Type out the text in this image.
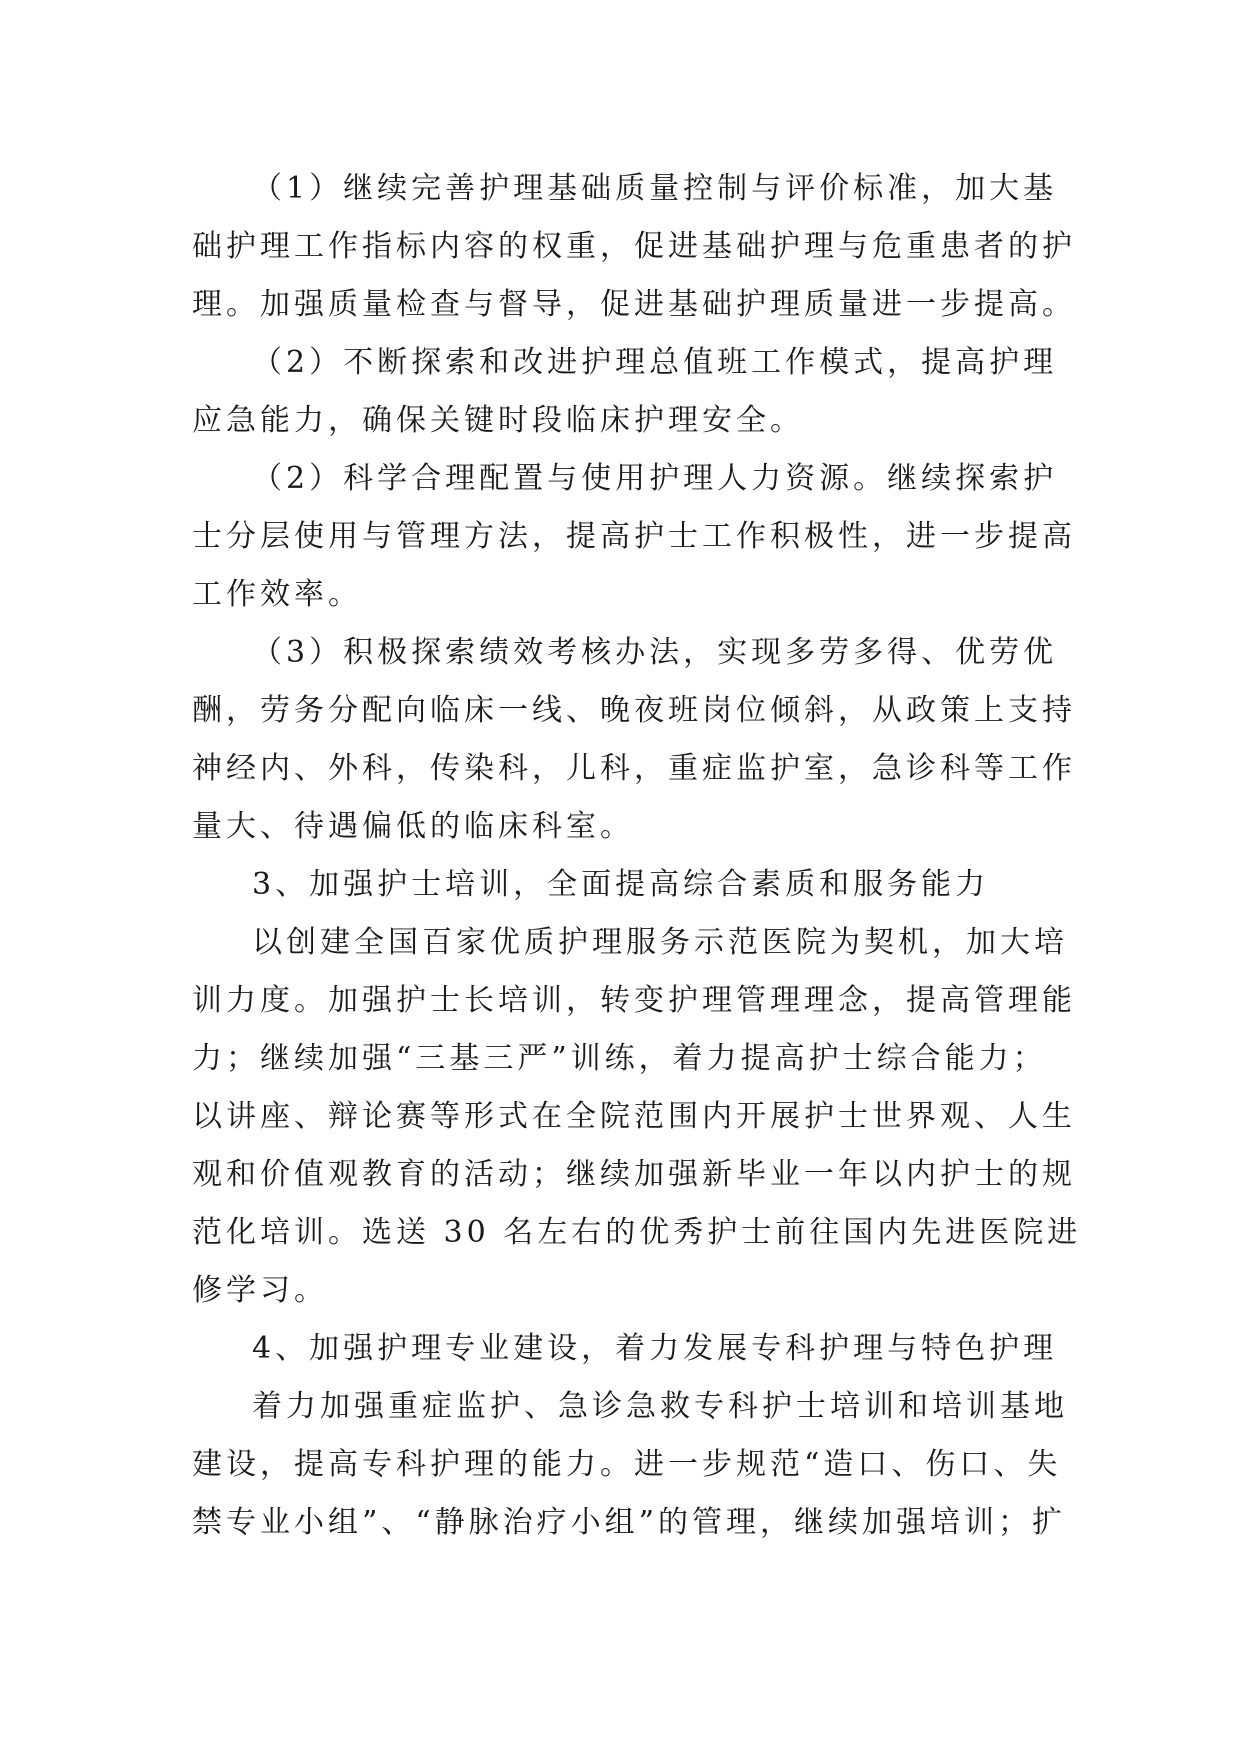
（1）继续完善护理基础质量控制与评价标准，加大基
础护理工作指标内容的权重，促进基础护理与危重患者的护
理。加强质量检查与督导，促进基础护理质量进一步提高。
（2）不断探索和改进护理总值班工作模式，提高护理
应急能力，确保关键时段临床护理安全。
（2）科学合理配置与使用护理人力资源。继续探索护
士分层使用与管理方法，提高护士工作积极性，进一步提高
工作效率。
（3）积极探索绩效考核办法，实现多劳多得、优劳优
酬，劳务分配向临床一线、晚夜班岗位倾斜，从政策上支持
神经内、外科，传染科，儿科，重症监护室，急诊科等工作
量大、待遇偏低的临床科室。
3、加强护士培训，全面提高综合素质和服务能力
以创建全国百家优质护理服务示范医院为契机，加大培
训力度。加强护士长培训，转变护理管理理念，提高管理能
力；继续加强“三基三严”训练，着力提高护士综合能力；
以讲座、辩论赛等形式在全院范围内开展护士世界观、人生
观和价值观教育的活动；继续加强新毕业一年以内护士的规
范化培训。选送 30 名左右的优秀护士前往国内先进医院进
修学习。
4、加强护理专业建设，着力发展专科护理与特色护理
着力加强重症监护、急诊急救专科护士培训和培训基地
建设，提高专科护理的能力。进一步规范“造口、伤口、失
禁专业小组”、“静脉治疗小组”的管理，继续加强培训；扩
